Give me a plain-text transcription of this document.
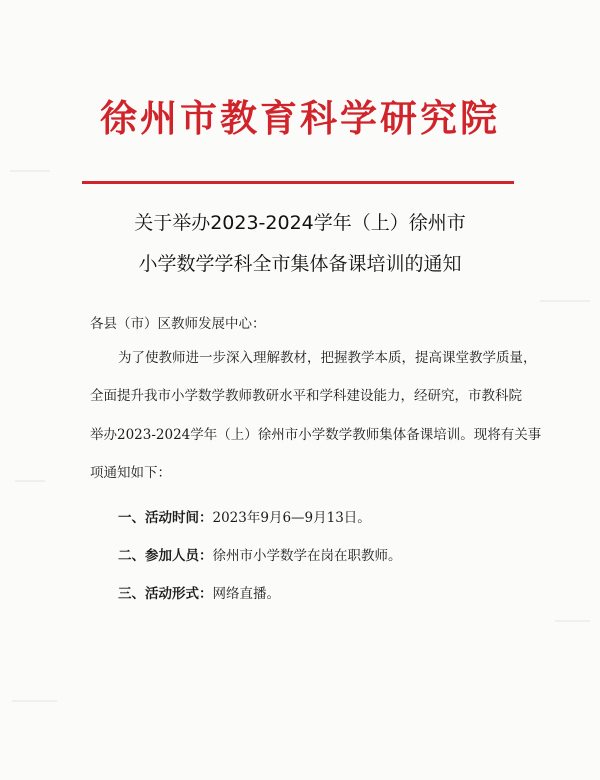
徐州市教育科学研究院
关于举办2023-2024学年（上）徐州市
小学数学学科全市集体备课培训的通知
各县（市）区教师发展中心：
为了使教师进一步深入理解教材，把握教学本质，提高课堂教学质量，
全面提升我市小学数学教师教研水平和学科建设能力，经研究，市教科院
举办2023-2024学年（上）徐州市小学数学教师集体备课培训。现将有关事
项通知如下：
一、活动时间：2023年9月6—9月13日。
二、参加人员：徐州市小学数学在岗在职教师。
三、活动形式：网络直播。
